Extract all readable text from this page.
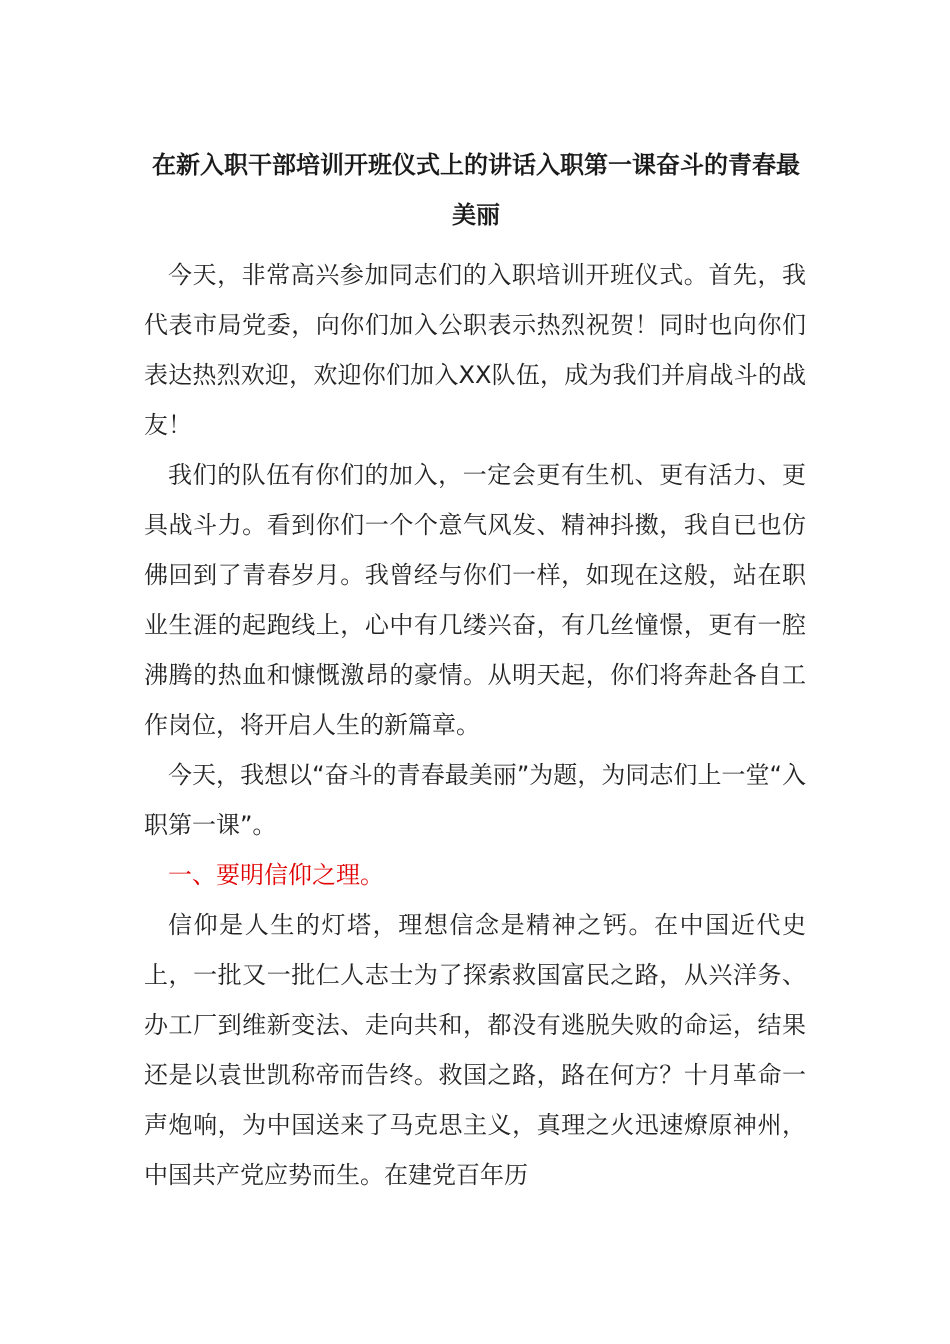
在新入职干部培训开班仪式上的讲话入职第一课奋斗的青春最美丽

今天，非常高兴参加同志们的入职培训开班仪式。首先，我代表市局党委，向你们加入公职表示热烈祝贺！同时也向你们表达热烈欢迎，欢迎你们加入XX队伍，成为我们并肩战斗的战友！

我们的队伍有你们的加入，一定会更有生机、更有活力、更具战斗力。看到你们一个个意气风发、精神抖擞，我自已也仿佛回到了青春岁月。我曾经与你们一样，如现在这般，站在职业生涯的起跑线上，心中有几缕兴奋，有几丝憧憬，更有一腔沸腾的热血和慷慨激昂的豪情。从明天起，你们将奔赴各自工作岗位，将开启人生的新篇章。

今天，我想以“奋斗的青春最美丽”为题，为同志们上一堂“入职第一课”。

一、要明信仰之理。

信仰是人生的灯塔，理想信念是精神之钙。在中国近代史上，一批又一批仁人志士为了探索救国富民之路，从兴洋务、办工厂到维新变法、走向共和，都没有逃脱失败的命运，结果还是以袁世凯称帝而告终。救国之路，路在何方？十月革命一声炮响，为中国送来了马克思主义，真理之火迅速燎原神州，中国共产党应势而生。在建党百年历
